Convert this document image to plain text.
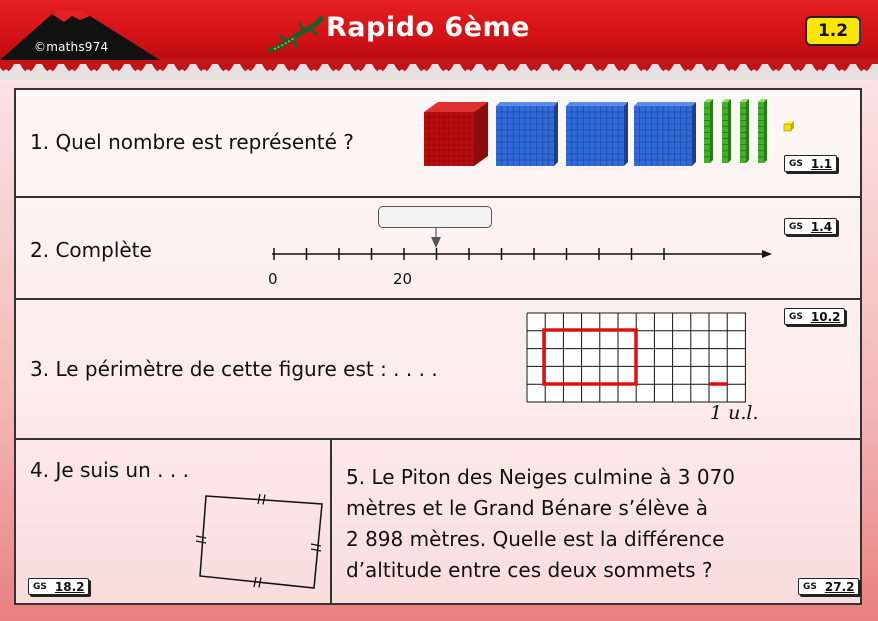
©maths974
Rapido 6ème	1.2
1. Quel nombre est représenté ?
GS 1.1
2. Complète
0	20
GS 1.4
3. Le périmètre de cette figure est : . . . .
1 u.l.
GS 10.2
4. Je suis un . . .
GS 18.2
5. Le Piton des Neiges culmine à 3 070
mètres et le Grand Bénare s’élève à
2 898 mètres. Quelle est la différence
d’altitude entre ces deux sommets ?
GS 27.2
